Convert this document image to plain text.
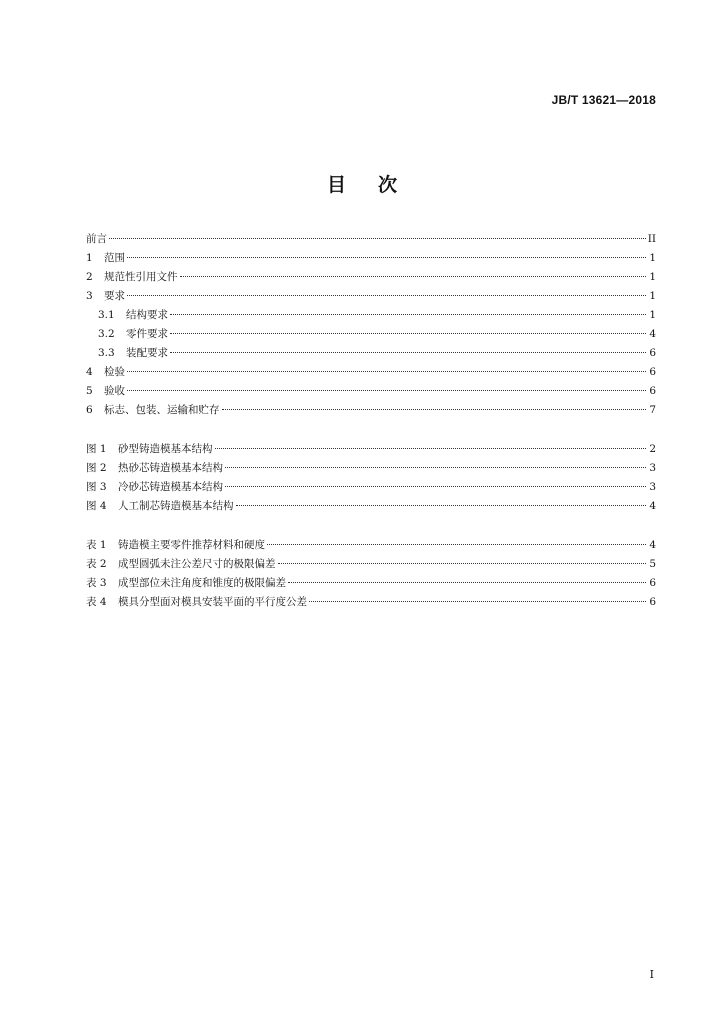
JB/T 13621—2018
目 次
前言	II
1	范围	1
2	规范性引用文件	1
3	要求	1
3.1	结构要求	1
3.2	零件要求	4
3.3	装配要求	6
4	检验	6
5	验收	6
6	标志、包装、运输和贮存	7
图 1	砂型铸造模基本结构	2
图 2	热砂芯铸造模基本结构	3
图 3	冷砂芯铸造模基本结构	3
图 4	人工制芯铸造模基本结构	4
表 1	铸造模主要零件推荐材料和硬度	4
表 2	成型圆弧未注公差尺寸的极限偏差	5
表 3	成型部位未注角度和锥度的极限偏差	6
表 4	模具分型面对模具安装平面的平行度公差	6
I
